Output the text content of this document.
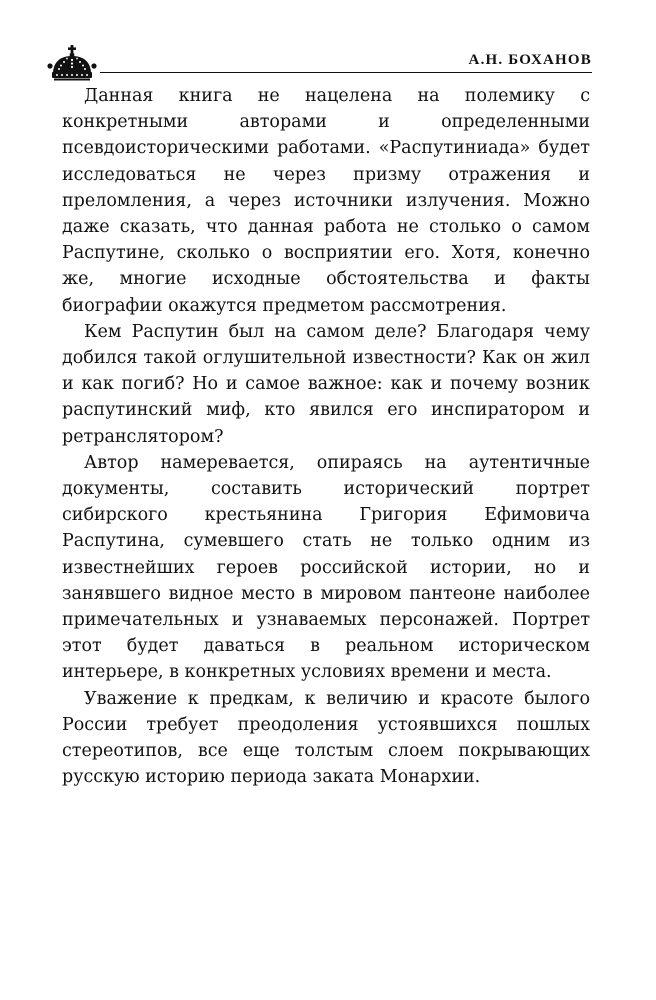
А.Н. БОХАНОВ

Данная книга не нацелена на полемику с конкретными авторами и определенными псевдоисторическими работами. «Распутиниада» будет исследоваться не через призму отражения и преломления, а через источники излучения. Можно даже сказать, что данная работа не столько о самом Распутине, сколько о восприятии его. Хотя, конечно же, многие исходные обстоятельства и факты биографии окажутся предметом рассмотрения.

Кем Распутин был на самом деле? Благодаря чему добился такой оглушительной известности? Как он жил и как погиб? Но и самое важное: как и почему возник распутинский миф, кто явился его инспиратором и ретранслятором?

Автор намеревается, опираясь на аутентичные документы, составить исторический портрет сибирского крестьянина Григория Ефимовича Распутина, сумевшего стать не только одним из известнейших героев российской истории, но и занявшего видное место в мировом пантеоне наиболее примечательных и узнаваемых персонажей. Портрет этот будет даваться в реальном историческом интерьере, в конкретных условиях времени и места.

Уважение к предкам, к величию и красоте былого России требует преодоления устоявшихся пошлых стереотипов, все еще толстым слоем покрывающих русскую историю периода заката Монархии.
